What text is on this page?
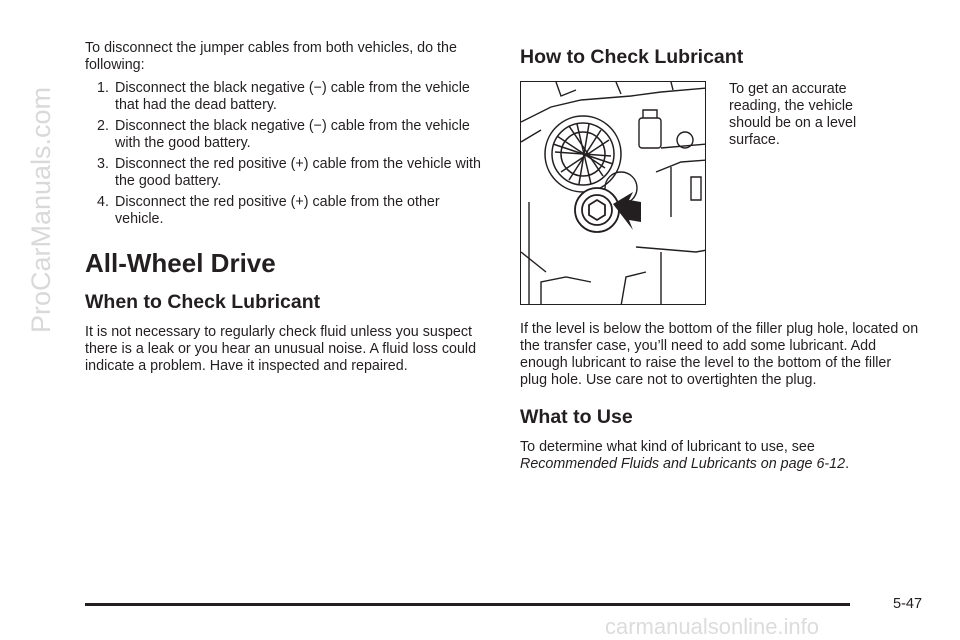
ProCarManuals.com
carmanualsonline.info

To disconnect the jumper cables from both vehicles, do the following:

1. Disconnect the black negative (−) cable from the vehicle that had the dead battery.
2. Disconnect the black negative (−) cable from the vehicle with the good battery.
3. Disconnect the red positive (+) cable from the vehicle with the good battery.
4. Disconnect the red positive (+) cable from the other vehicle.
All-Wheel Drive
When to Check Lubricant

It is not necessary to regularly check fluid unless you suspect there is a leak or you hear an unusual noise. A fluid loss could indicate a problem. Have it inspected and repaired.

How to Check Lubricant

To get an accurate reading, the vehicle should be on a level surface.

If the level is below the bottom of the filler plug hole, located on the transfer case, you’ll need to add some lubricant. Add enough lubricant to raise the level to the bottom of the filler plug hole. Use care not to overtighten the plug.

What to Use

To determine what kind of lubricant to use, see
Recommended Fluids and Lubricants on page 6-12.

5-47
